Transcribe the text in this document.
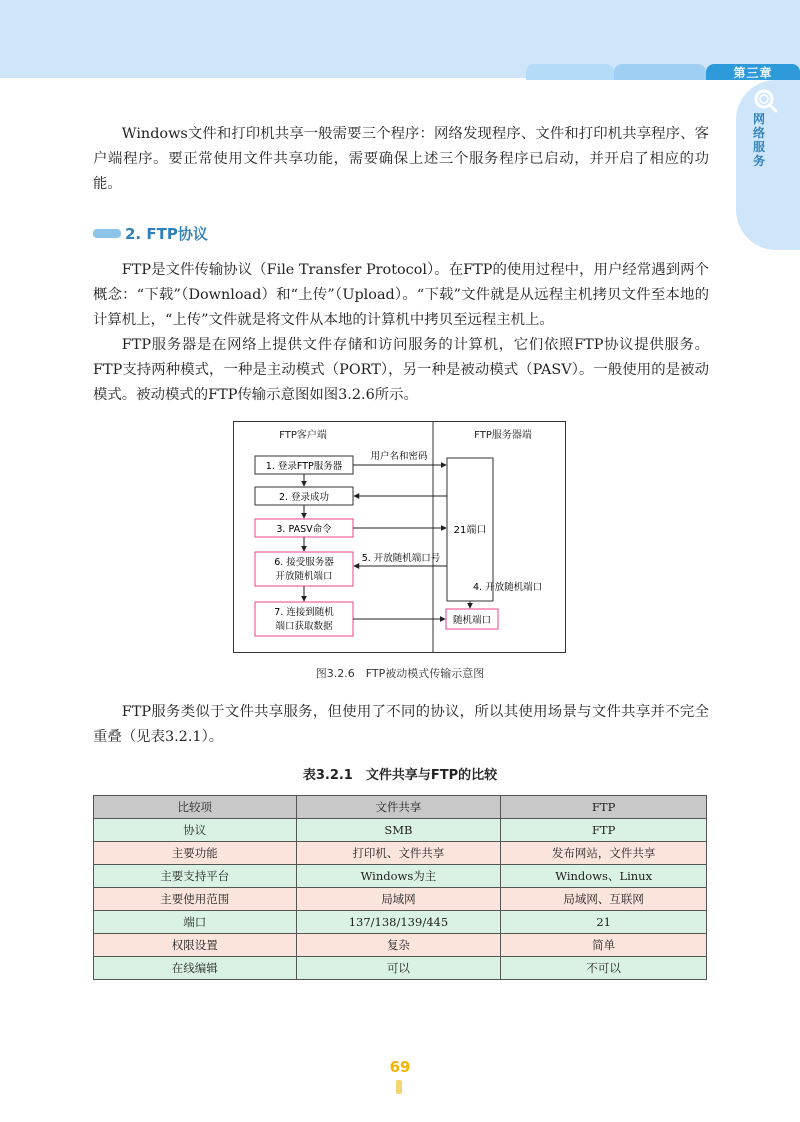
第三章
网络服务

Windows文件和打印机共享一般需要三个程序：网络发现程序、文件和打印机共享程序、客户端程序。要正常使用文件共享功能，需要确保上述三个服务程序已启动，并开启了相应的功能。

2. FTP协议

FTP是文件传输协议（File Transfer Protocol）。在FTP的使用过程中，用户经常遇到两个概念：“下载”（Download）和“上传”（Upload）。“下载”文件就是从远程主机拷贝文件至本地的计算机上，“上传”文件就是将文件从本地的计算机中拷贝至远程主机上。

FTP服务器是在网络上提供文件存储和访问服务的计算机，它们依照FTP协议提供服务。FTP支持两种模式，一种是主动模式（PORT），另一种是被动模式（PASV）。一般使用的是被动模式。被动模式的FTP传输示意图如图3.2.6所示。

FTP客户端	FTP服务器端
1. 登录FTP服务器
用户名和密码
21端口
2. 登录成功
3. PASV命令
6. 接受服务器
开放随机端口
5. 开放随机端口号
4. 开放随机端口
随机端口
7. 连接到随机
端口获取数据
图3.2.6　FTP被动模式传输示意图

FTP服务类似于文件共享服务，但使用了不同的协议，所以其使用场景与文件共享并不完全重叠（见表3.2.1）。

表3.2.1　文件共享与FTP的比较
比较项	文件共享	FTP
协议	SMB	FTP
主要功能	打印机、文件共享	发布网站，文件共享
主要支持平台	Windows为主	Windows、Linux
主要使用范围	局域网	局域网、互联网
端口	137/138/139/445	21
权限设置	复杂	简单
在线编辑	可以	不可以
69
